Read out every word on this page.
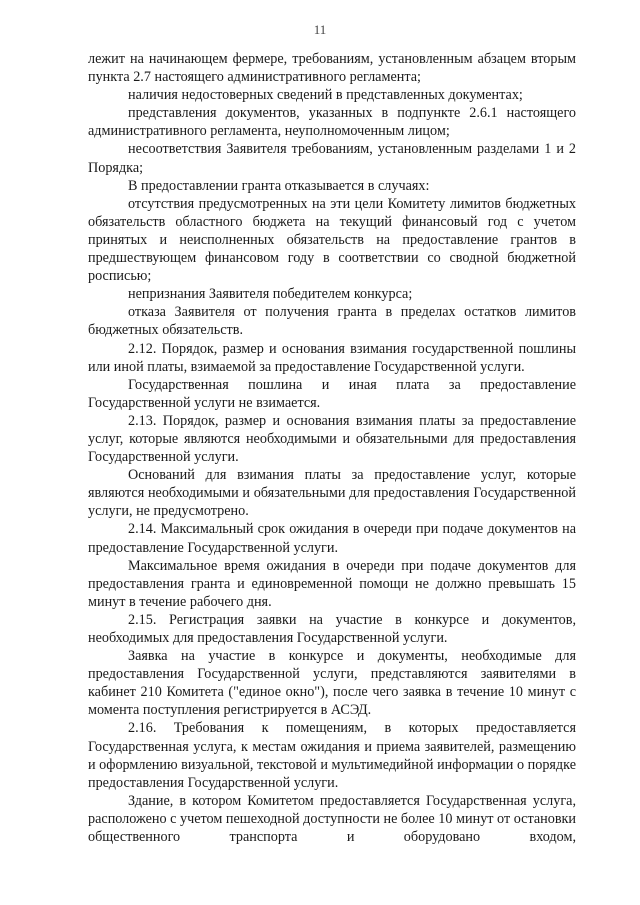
11

лежит на начинающем фермере, требованиям, установленным абзацем вторым пункта 2.7 настоящего административного регламента;

наличия недостоверных сведений в представленных документах;

представления документов, указанных в подпункте 2.6.1 настоящего административного регламента, неуполномоченным лицом;

несоответствия Заявителя требованиям, установленным разделами 1 и 2 Порядка;

В предоставлении гранта отказывается в случаях:

отсутствия предусмотренных на эти цели Комитету лимитов бюджетных обязательств областного бюджета на текущий финансовый год с учетом принятых и неисполненных обязательств на предоставление грантов в предшествующем финансовом году в соответствии со сводной бюджетной росписью;

непризнания Заявителя победителем конкурса;

отказа Заявителя от получения гранта в пределах остатков лимитов бюджетных обязательств.

2.12. Порядок, размер и основания взимания государственной пошлины или иной платы, взимаемой за предоставление Государственной услуги.

Государственная пошлина и иная плата за предоставление Государственной услуги не взимается.

2.13. Порядок, размер и основания взимания платы за предоставление услуг, которые являются необходимыми и обязательными для предоставления Государственной услуги.

Оснований для взимания платы за предоставление услуг, которые являются необходимыми и обязательными для предоставления Государственной услуги, не предусмотрено.

2.14. Максимальный срок ожидания в очереди при подаче документов на предоставление Государственной услуги.

Максимальное время ожидания в очереди при подаче документов для предоставления гранта и единовременной помощи не должно превышать 15 минут в течение рабочего дня.

2.15. Регистрация заявки на участие в конкурсе и документов, необходимых для предоставления Государственной услуги.

Заявка на участие в конкурсе и документы, необходимые для предоставления Государственной услуги, представляются заявителями в кабинет 210 Комитета ("единое окно"), после чего заявка в течение 10 минут с момента поступления регистрируется в АСЭД.

2.16. Требования к помещениям, в которых предоставляется Государственная услуга, к местам ожидания и приема заявителей, размещению и оформлению визуальной, текстовой и мультимедийной информации о порядке предоставления Государственной услуги.

Здание, в котором Комитетом предоставляется Государственная услуга, расположено с учетом пешеходной доступности не более 10 минут от остановки общественного транспорта и оборудовано входом,
